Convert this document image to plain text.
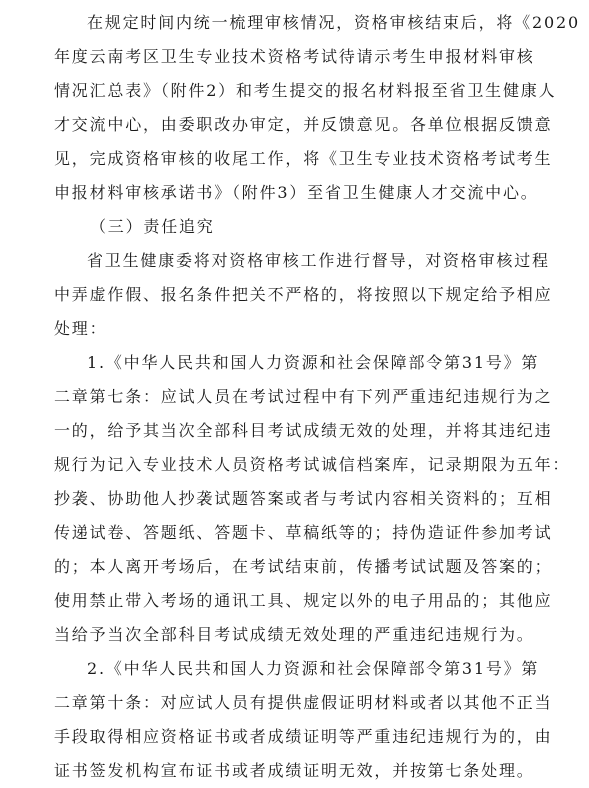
在规定时间内统一梳理审核情况，资格审核结束后，将《2020
年度云南考区卫生专业技术资格考试待请示考生申报材料审核
情况汇总表》（附件2）和考生提交的报名材料报至省卫生健康人
才交流中心，由委职改办审定，并反馈意见。各单位根据反馈意
见，完成资格审核的收尾工作，将《卫生专业技术资格考试考生
申报材料审核承诺书》（附件3）至省卫生健康人才交流中心。
（三）责任追究
省卫生健康委将对资格审核工作进行督导，对资格审核过程
中弄虚作假、报名条件把关不严格的，将按照以下规定给予相应
处理：
1.《中华人民共和国人力资源和社会保障部令第31号》第
二章第七条：应试人员在考试过程中有下列严重违纪违规行为之
一的，给予其当次全部科目考试成绩无效的处理，并将其违纪违
规行为记入专业技术人员资格考试诚信档案库，记录期限为五年：
抄袭、协助他人抄袭试题答案或者与考试内容相关资料的；互相
传递试卷、答题纸、答题卡、草稿纸等的；持伪造证件参加考试
的；本人离开考场后，在考试结束前，传播考试试题及答案的；
使用禁止带入考场的通讯工具、规定以外的电子用品的；其他应
当给予当次全部科目考试成绩无效处理的严重违纪违规行为。
2.《中华人民共和国人力资源和社会保障部令第31号》第
二章第十条：对应试人员有提供虚假证明材料或者以其他不正当
手段取得相应资格证书或者成绩证明等严重违纪违规行为的，由
证书签发机构宣布证书或者成绩证明无效，并按第七条处理。
